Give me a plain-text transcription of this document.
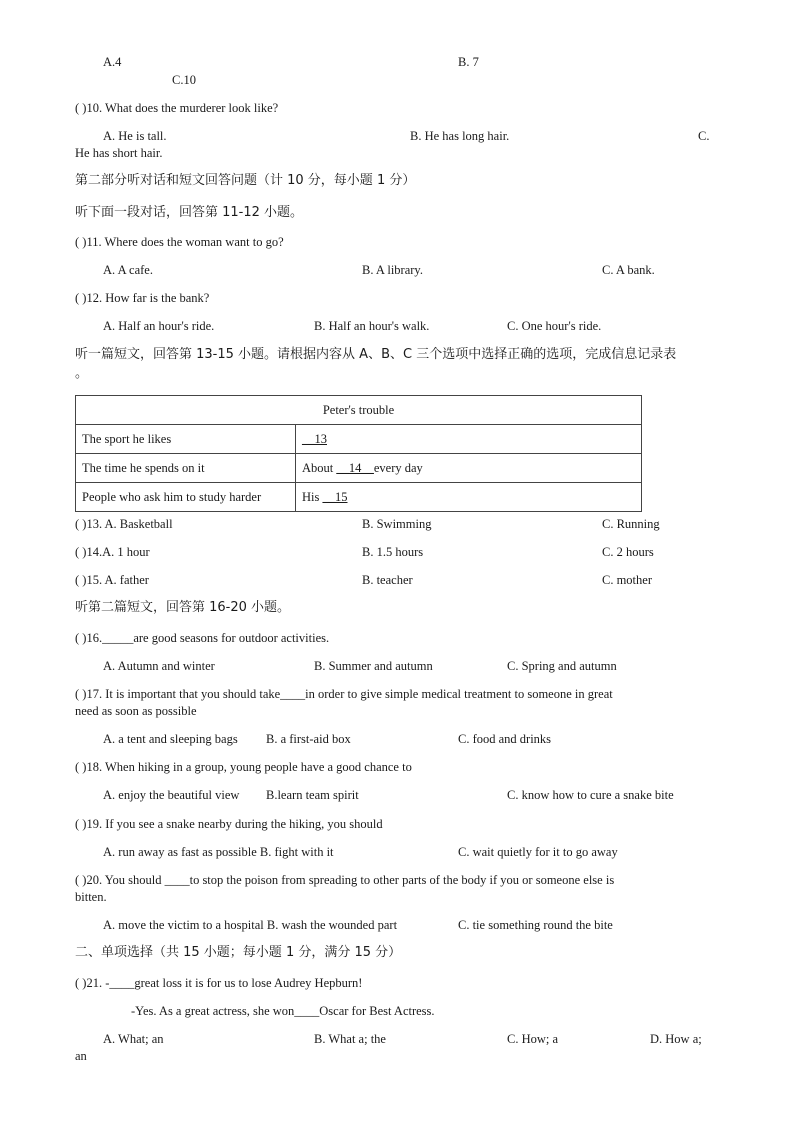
A.4	B. 7
C.10
( )10. What does the murderer look like?
A. He is tall.	B. He has long hair.	C.
He has short hair.
第二部分听对话和短文回答问题（计 10 分，每小题 1 分）
听下面一段对话，回答第 11-12 小题。
( )11. Where does the woman want to go?
A. A cafe.	B. A library.	C. A bank.
( )12. How far is the bank?
A. Half an hour's ride.	B. Half an hour's walk.	C. One hour's ride.
听一篇短文，回答第 13-15 小题。请根据内容从 A、B、C 三个选项中选择正确的选项，完成信息记录表
。
Peter's trouble	
The sport he likes	__13
The time he spends on it	About __14__every day
People who ask him to study harder	His __15
( )13. A. Basketball	B. Swimming	C. Running
( )14.A. 1 hour	B. 1.5 hours	C. 2 hours
( )15. A. father	B. teacher	C. mother
听第二篇短文，回答第 16-20 小题。
( )16._____are good seasons for outdoor activities.
A. Autumn and winter	B. Summer and autumn	C. Spring and autumn
( )17. It is important that you should take____in order to give simple medical treatment to someone in great
need as soon as possible
A. a tent and sleeping bags B. a first-aid box	C. food and drinks
( )18. When hiking in a group, young people have a good chance to
A. enjoy the beautiful view B.learn team spirit	C. know how to cure a snake bite
( )19. If you see a snake nearby during the hiking, you should
A. run away as fast as possible B. fight with it	C. wait quietly for it to go away
( )20. You should ____to stop the poison from spreading to other parts of the body if you or someone else is
bitten.
A. move the victim to a hospital B. wash the wounded part	C. tie something round the bite
二、单项选择（共 15 小题；每小题 1 分，满分 15 分）
( )21. -____great loss it is for us to lose Audrey Hepburn!
-Yes. As a great actress, she won____Oscar for Best Actress.
A. What; an	B. What a; the	C. How; a	D. How a;
an
